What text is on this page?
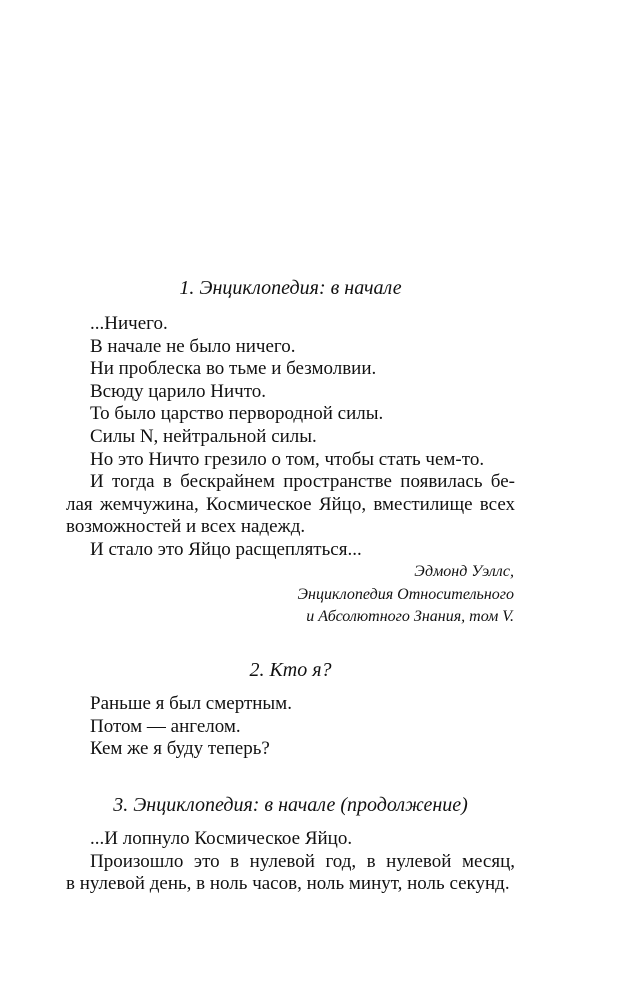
1. Энциклопедия: в начале

...Ничего.

В начале не было ничего.

Ни проблеска во тьме и безмолвии.

Всюду царило Ничто.

То было царство первородной силы.

Силы N, нейтральной силы.

Но это Ничто грезило о том, чтобы стать чем-то.

И тогда в бескрайнем пространстве появилась бе-

лая жемчужина, Космическое Яйцо, вместилище всех

возможностей и всех надежд.

И стало это Яйцо расщепляться...

Эдмонд Уэллс,
Энциклопедия Относительного
и Абсолютного Знания, том V.
2. Кто я?

Раньше я был смертным.

Потом — ангелом.

Кем же я буду теперь?

3. Энциклопедия: в начале (продолжение)

...И лопнуло Космическое Яйцо.

Произошло это в нулевой год, в нулевой месяц,

в нулевой день, в ноль часов, ноль минут, ноль секунд.
